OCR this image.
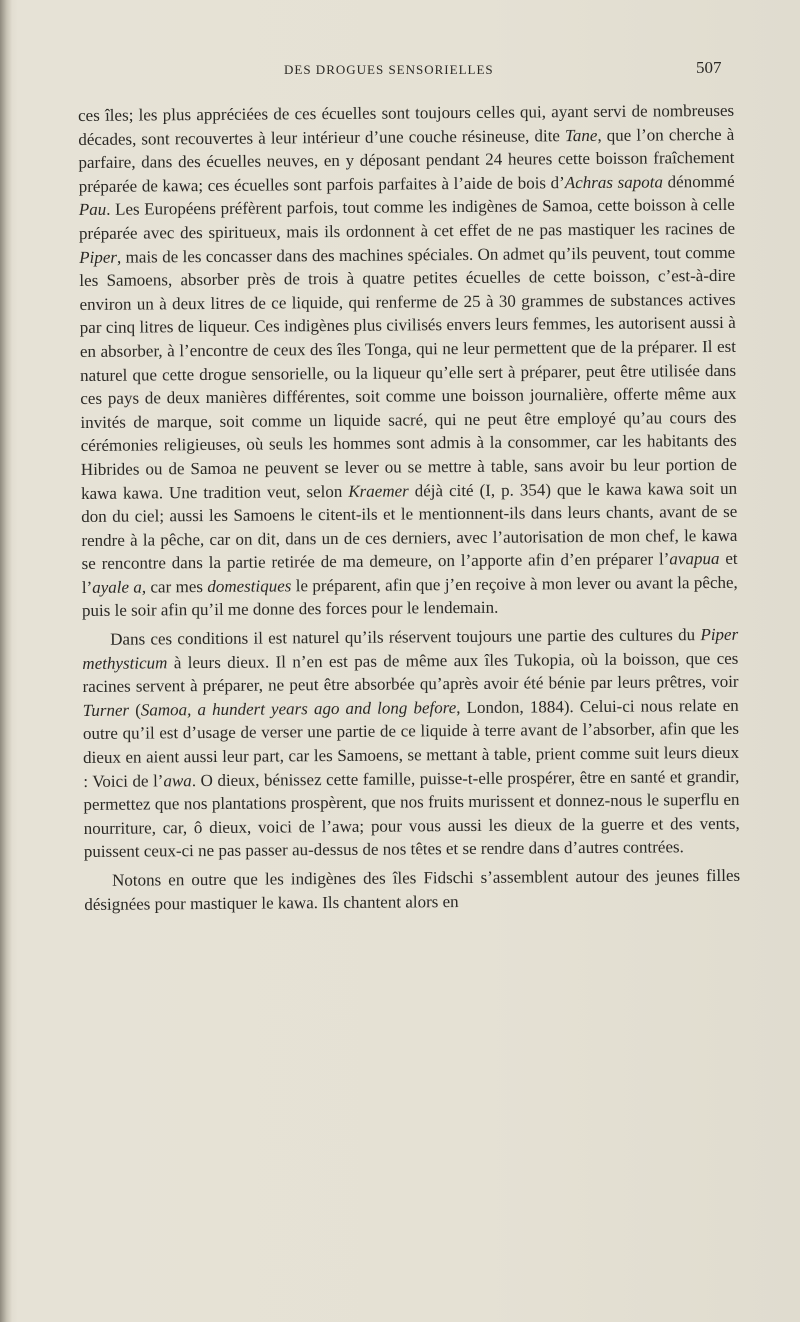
DES DROGUES SENSORIELLES	507

ces îles; les plus appréciées de ces écuelles sont toujours celles qui, ayant servi de nombreuses décades, sont recouvertes à leur intérieur d’une couche résineuse, dite Tane, que l’on cherche à parfaire, dans des écuelles neuves, en y déposant pendant 24 heures cette boisson fraîchement préparée de kawa; ces écuelles sont parfois parfaites à l’aide de bois d’Achras sapota dénommé Pau. Les Européens préfèrent parfois, tout comme les indigènes de Samoa, cette boisson à celle préparée avec des spiritueux, mais ils ordonnent à cet effet de ne pas mastiquer les racines de Piper, mais de les concasser dans des machines spéciales. On admet qu’ils peuvent, tout comme les Samoens, absorber près de trois à quatre petites écuelles de cette boisson, c’est-à-dire environ un à deux litres de ce liquide, qui renferme de 25 à 30 grammes de substances actives par cinq litres de liqueur. Ces indigènes plus civilisés envers leurs femmes, les autorisent aussi à en absorber, à l’encontre de ceux des îles Tonga, qui ne leur permettent que de la préparer. Il est naturel que cette drogue sensorielle, ou la liqueur qu’elle sert à préparer, peut être utilisée dans ces pays de deux manières différentes, soit comme une boisson journalière, offerte même aux invités de marque, soit comme un liquide sacré, qui ne peut être employé qu’au cours des cérémonies religieuses, où seuls les hommes sont admis à la consommer, car les habitants des Hibrides ou de Samoa ne peuvent se lever ou se mettre à table, sans avoir bu leur portion de kawa kawa. Une tradition veut, selon Kraemer déjà cité (I, p. 354) que le kawa kawa soit un don du ciel; aussi les Samoens le citent-ils et le mentionnent-ils dans leurs chants, avant de se rendre à la pêche, car on dit, dans un de ces derniers, avec l’autorisation de mon chef, le kawa se rencontre dans la partie retirée de ma demeure, on l’apporte afin d’en préparer l’avapua et l’ayale a, car mes domestiques le préparent, afin que j’en reçoive à mon lever ou avant la pêche, puis le soir afin qu’il me donne des forces pour le lendemain.

Dans ces conditions il est naturel qu’ils réservent toujours une partie des cultures du Piper methysticum à leurs dieux. Il n’en est pas de même aux îles Tukopia, où la boisson, que ces racines servent à préparer, ne peut être absorbée qu’après avoir été bénie par leurs prêtres, voir Turner (Samoa, a hundert years ago and long before, London, 1884). Celui-ci nous relate en outre qu’il est d’usage de verser une partie de ce liquide à terre avant de l’absorber, afin que les dieux en aient aussi leur part, car les Samoens, se mettant à table, prient comme suit leurs dieux : Voici de l’awa. O dieux, bénissez cette famille, puisse-t-elle prospérer, être en santé et grandir, permettez que nos plantations prospèrent, que nos fruits murissent et donnez-nous le superflu en nourriture, car, ô dieux, voici de l’awa; pour vous aussi les dieux de la guerre et des vents, puissent ceux-ci ne pas passer au-dessus de nos têtes et se rendre dans d’autres contrées.

Notons en outre que les indigènes des îles Fidschi s’assemblent autour des jeunes filles désignées pour mastiquer le kawa. Ils chantent alors en
